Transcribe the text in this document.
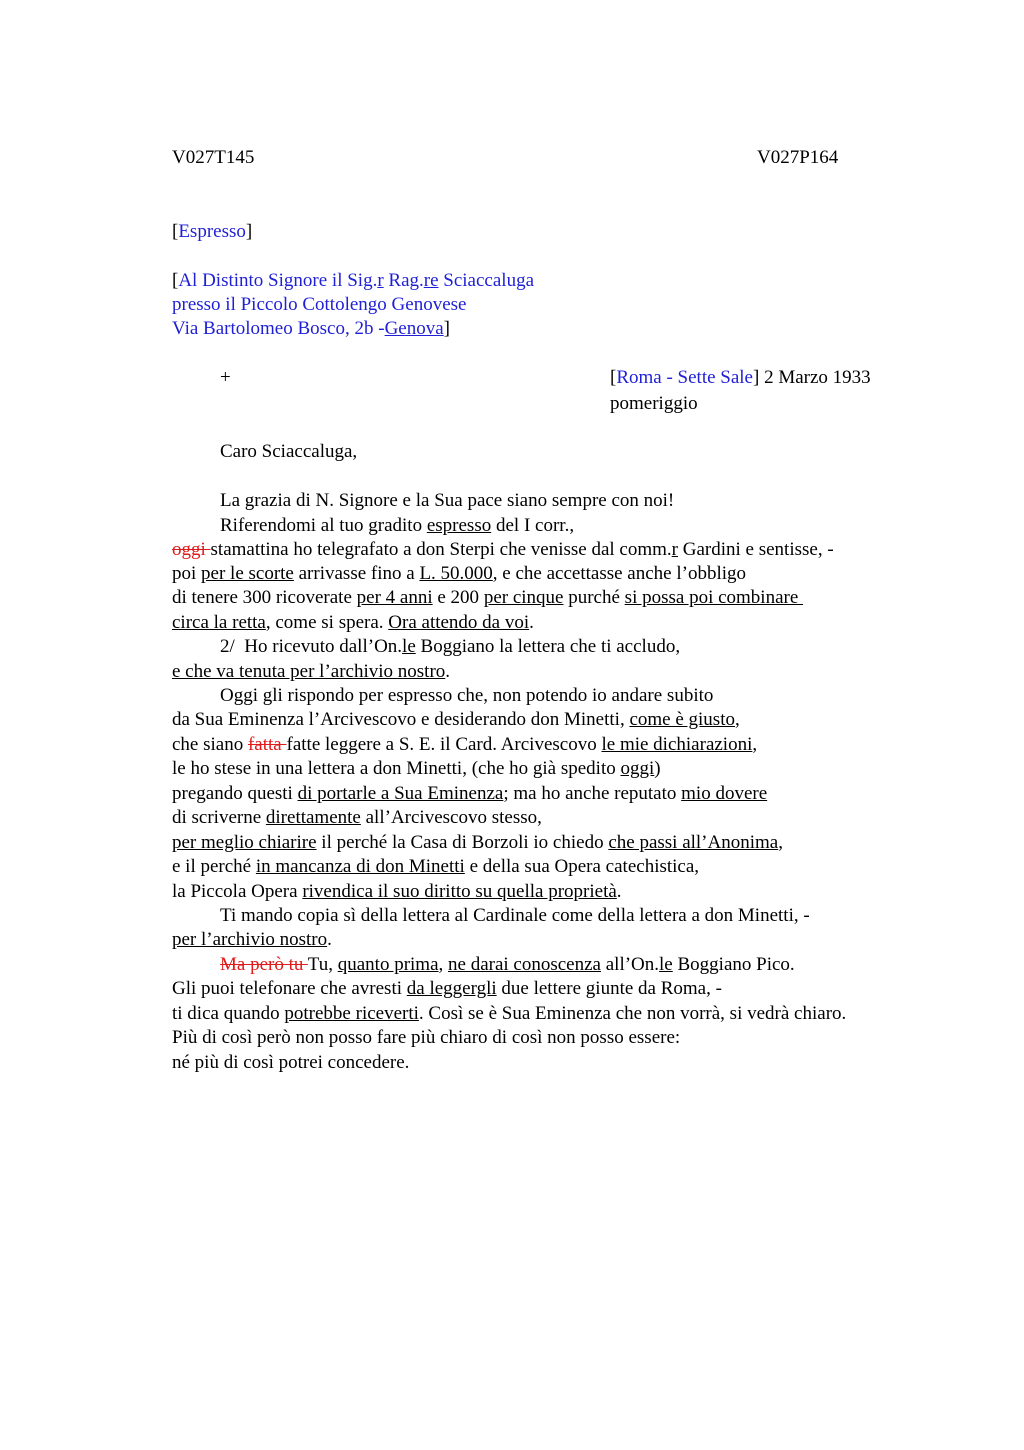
V027T145	V027P164
[Espresso]
[Al Distinto Signore il Sig.r Rag.re Sciaccaluga
presso il Piccolo Cottolengo Genovese
Via Bartolomeo Bosco, 2b -Genova]
+	[Roma - Sette Sale] 2 Marzo 1933
pomeriggio
Caro Sciaccaluga,
La grazia di N. Signore e la Sua pace siano sempre con noi!
Riferendomi al tuo gradito espresso del I corr.,
oggi stamattina ho telegrafato a don Sterpi che venisse dal comm.r Gardini e sentisse, -
poi per le scorte arrivasse fino a L. 50.000, e che accettasse anche l’obbligo
di tenere 300 ricoverate per 4 anni e 200 per cinque purché si possa poi combinare
circa la retta, come si spera. Ora attendo da voi.
2/  Ho ricevuto dall’On.le Boggiano la lettera che ti accludo,
e che va tenuta per l’archivio nostro.
Oggi gli rispondo per espresso che, non potendo io andare subito
da Sua Eminenza l’Arcivescovo e desiderando don Minetti, come è giusto,
che siano fatta fatte leggere a S. E. il Card. Arcivescovo le mie dichiarazioni,
le ho stese in una lettera a don Minetti, (che ho già spedito oggi)
pregando questi di portarle a Sua Eminenza; ma ho anche reputato mio dovere
di scriverne direttamente all’Arcivescovo stesso,
per meglio chiarire il perché la Casa di Borzoli io chiedo che passi all’Anonima,
e il perché in mancanza di don Minetti e della sua Opera catechistica,
la Piccola Opera rivendica il suo diritto su quella proprietà.
Ti mando copia sì della lettera al Cardinale come della lettera a don Minetti, -
per l’archivio nostro.
Ma però tu Tu, quanto prima, ne darai conoscenza all’On.le Boggiano Pico.
Gli puoi telefonare che avresti da leggergli due lettere giunte da Roma, -
ti dica quando potrebbe riceverti. Così se è Sua Eminenza che non vorrà, si vedrà chiaro.
Più di così però non posso fare più chiaro di così non posso essere:
né più di così potrei concedere.
